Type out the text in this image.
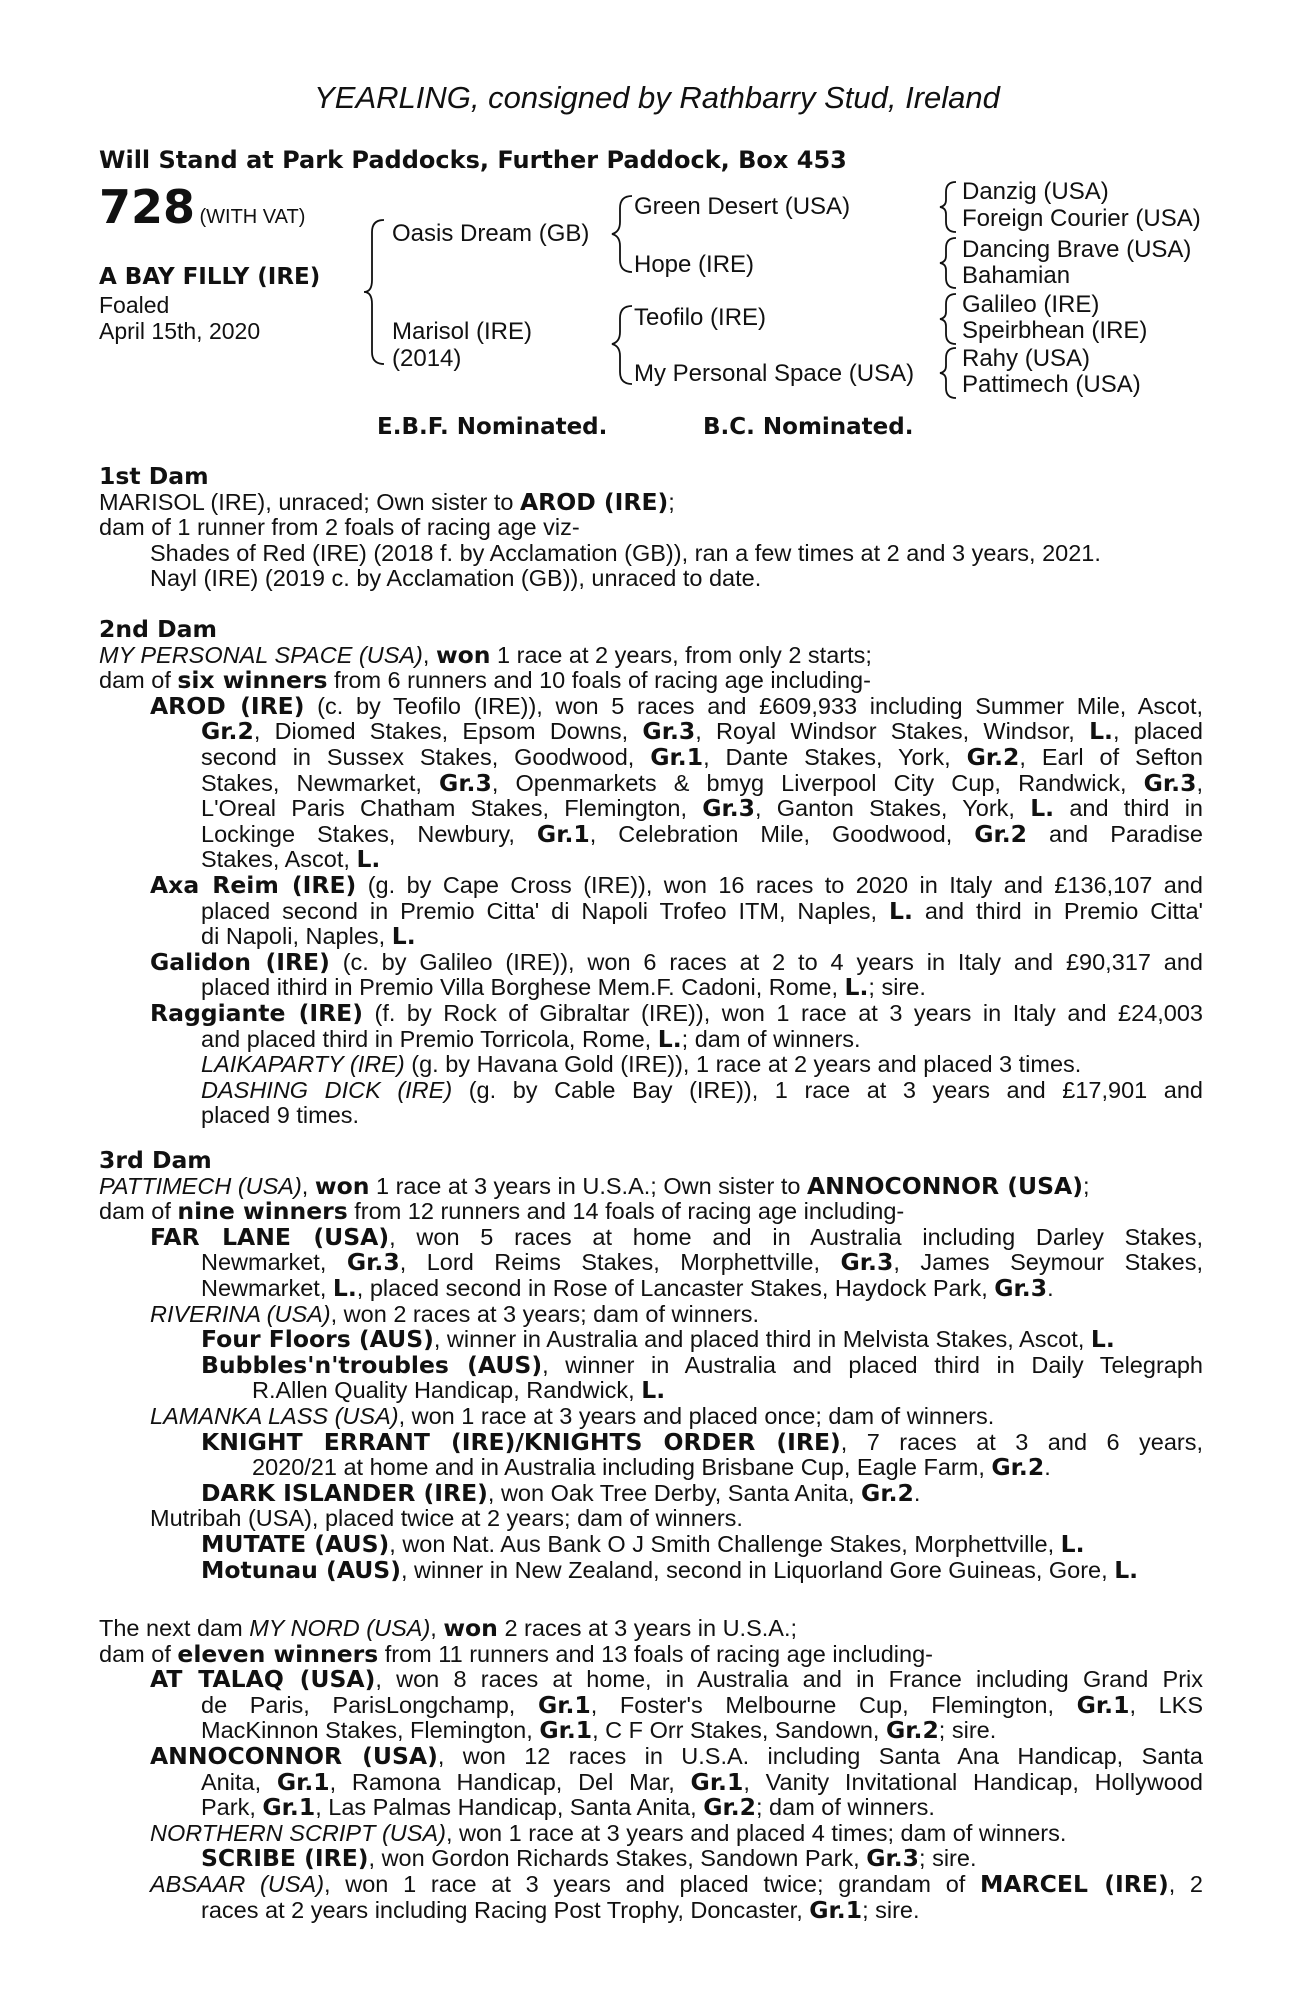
YEARLING, consigned by Rathbarry Stud, Ireland
Will Stand at Park Paddocks, Further Paddock, Box 453
728 (WITH VAT)
A BAY FILLY (IRE)
Foaled
April 15th, 2020
Oasis Dream (GB)
Marisol (IRE)
(2014)
Green Desert (USA)
Hope (IRE)
Teofilo (IRE)
My Personal Space (USA)
Danzig (USA)
Foreign Courier (USA)
Dancing Brave (USA)
Bahamian
Galileo (IRE)
Speirbhean (IRE)
Rahy (USA)
Pattimech (USA)
E.B.F. Nominated.	B.C. Nominated.
1st Dam
MARISOL (IRE), unraced; Own sister to AROD (IRE);
dam of 1 runner from 2 foals of racing age viz-
Shades of Red (IRE) (2018 f. by Acclamation (GB)), ran a few times at 2 and 3 years, 2021.
Nayl (IRE) (2019 c. by Acclamation (GB)), unraced to date.
2nd Dam
MY PERSONAL SPACE (USA), won 1 race at 2 years, from only 2 starts;
dam of six winners from 6 runners and 10 foals of racing age including-
AROD (IRE) (c. by Teofilo (IRE)), won 5 races and £609,933 including Summer Mile, Ascot,
Gr.2, Diomed Stakes, Epsom Downs, Gr.3, Royal Windsor Stakes, Windsor, L., placed
second in Sussex Stakes, Goodwood, Gr.1, Dante Stakes, York, Gr.2, Earl of Sefton
Stakes, Newmarket, Gr.3, Openmarkets & bmyg Liverpool City Cup, Randwick, Gr.3,
L'Oreal Paris Chatham Stakes, Flemington, Gr.3, Ganton Stakes, York, L. and third in
Lockinge Stakes, Newbury, Gr.1, Celebration Mile, Goodwood, Gr.2 and Paradise
Stakes, Ascot, L.
Axa Reim (IRE) (g. by Cape Cross (IRE)), won 16 races to 2020 in Italy and £136,107 and
placed second in Premio Citta' di Napoli Trofeo ITM, Naples, L. and third in Premio Citta'
di Napoli, Naples, L.
Galidon (IRE) (c. by Galileo (IRE)), won 6 races at 2 to 4 years in Italy and £90,317 and
placed ithird in Premio Villa Borghese Mem.F. Cadoni, Rome, L.; sire.
Raggiante (IRE) (f. by Rock of Gibraltar (IRE)), won 1 race at 3 years in Italy and £24,003
and placed third in Premio Torricola, Rome, L.; dam of winners.
LAIKAPARTY (IRE) (g. by Havana Gold (IRE)), 1 race at 2 years and placed 3 times.
DASHING DICK (IRE) (g. by Cable Bay (IRE)), 1 race at 3 years and £17,901 and
placed 9 times.
3rd Dam
PATTIMECH (USA), won 1 race at 3 years in U.S.A.; Own sister to ANNOCONNOR (USA);
dam of nine winners from 12 runners and 14 foals of racing age including-
FAR LANE (USA), won 5 races at home and in Australia including Darley Stakes,
Newmarket, Gr.3, Lord Reims Stakes, Morphettville, Gr.3, James Seymour Stakes,
Newmarket, L., placed second in Rose of Lancaster Stakes, Haydock Park, Gr.3.
RIVERINA (USA), won 2 races at 3 years; dam of winners.
Four Floors (AUS), winner in Australia and placed third in Melvista Stakes, Ascot, L.
Bubbles'n'troubles (AUS), winner in Australia and placed third in Daily Telegraph
R.Allen Quality Handicap, Randwick, L.
LAMANKA LASS (USA), won 1 race at 3 years and placed once; dam of winners.
KNIGHT ERRANT (IRE)/KNIGHTS ORDER (IRE), 7 races at 3 and 6 years,
2020/21 at home and in Australia including Brisbane Cup, Eagle Farm, Gr.2.
DARK ISLANDER (IRE), won Oak Tree Derby, Santa Anita, Gr.2.
Mutribah (USA), placed twice at 2 years; dam of winners.
MUTATE (AUS), won Nat. Aus Bank O J Smith Challenge Stakes, Morphettville, L.
Motunau (AUS), winner in New Zealand, second in Liquorland Gore Guineas, Gore, L.
The next dam MY NORD (USA), won 2 races at 3 years in U.S.A.;
dam of eleven winners from 11 runners and 13 foals of racing age including-
AT TALAQ (USA), won 8 races at home, in Australia and in France including Grand Prix
de Paris, ParisLongchamp, Gr.1, Foster's Melbourne Cup, Flemington, Gr.1, LKS
MacKinnon Stakes, Flemington, Gr.1, C F Orr Stakes, Sandown, Gr.2; sire.
ANNOCONNOR (USA), won 12 races in U.S.A. including Santa Ana Handicap, Santa
Anita, Gr.1, Ramona Handicap, Del Mar, Gr.1, Vanity Invitational Handicap, Hollywood
Park, Gr.1, Las Palmas Handicap, Santa Anita, Gr.2; dam of winners.
NORTHERN SCRIPT (USA), won 1 race at 3 years and placed 4 times; dam of winners.
SCRIBE (IRE), won Gordon Richards Stakes, Sandown Park, Gr.3; sire.
ABSAAR (USA), won 1 race at 3 years and placed twice; grandam of MARCEL (IRE), 2
races at 2 years including Racing Post Trophy, Doncaster, Gr.1; sire.
